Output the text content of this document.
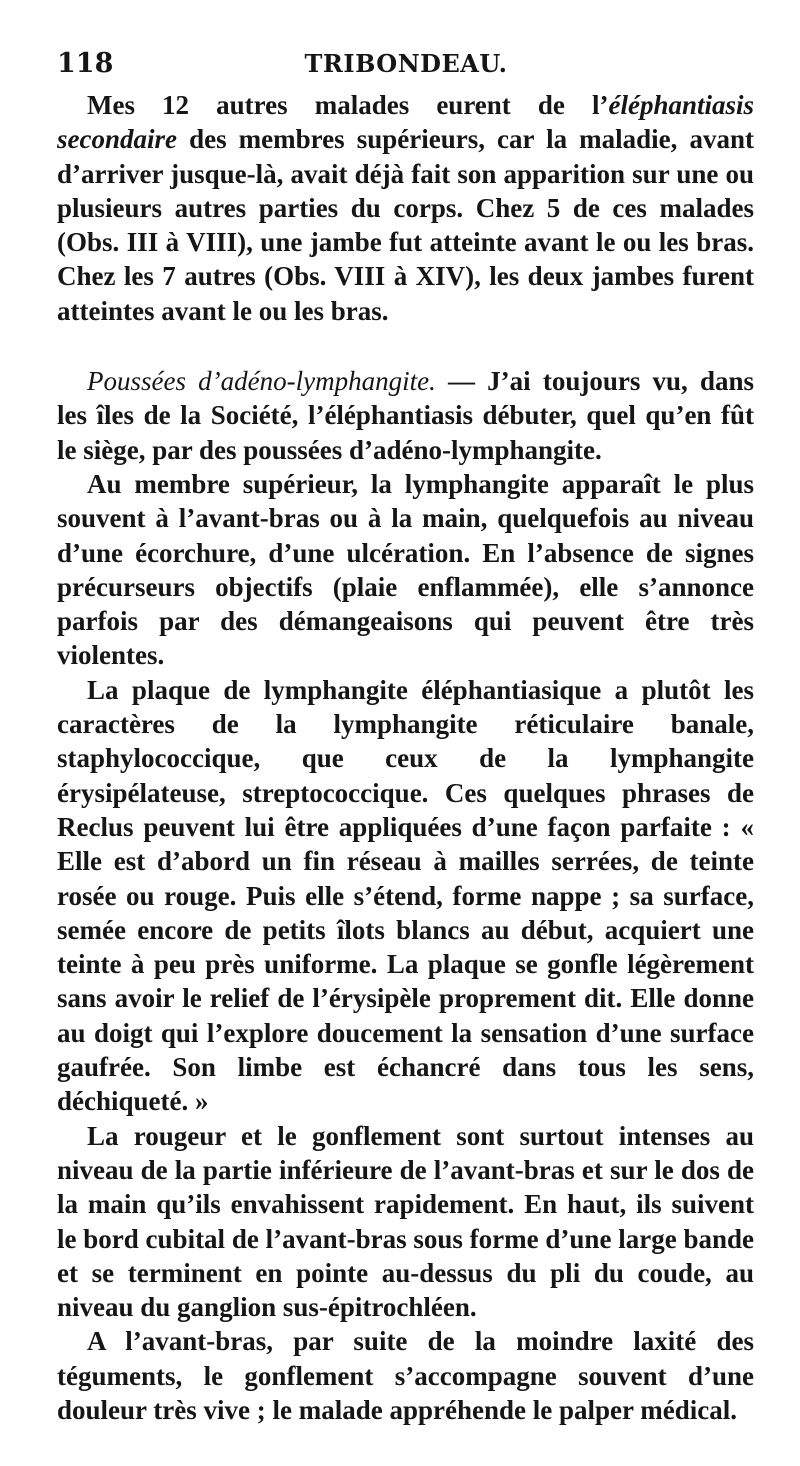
118	TRIBONDEAU.

Mes 12 autres malades eurent de l’éléphantiasis secondaire des membres supérieurs, car la maladie, avant d’arriver jusque-là, avait déjà fait son apparition sur une ou plusieurs autres parties du corps. Chez 5 de ces malades (Obs. III à VIII), une jambe fut atteinte avant le ou les bras. Chez les 7 autres (Obs. VIII à XIV), les deux jambes furent atteintes avant le ou les bras.

Poussées d’adéno-lymphangite. — J’ai toujours vu, dans les îles de la Société, l’éléphantiasis débuter, quel qu’en fût le siège, par des poussées d’adéno-lymphangite.

Au membre supérieur, la lymphangite apparaît le plus souvent à l’avant-bras ou à la main, quelquefois au niveau d’une écorchure, d’une ulcération. En l’absence de signes précurseurs objectifs (plaie enflammée), elle s’annonce parfois par des démangeaisons qui peuvent être très violentes.

La plaque de lymphangite éléphantiasique a plutôt les caractères de la lymphangite réticulaire banale, staphylococcique, que ceux de la lymphangite érysipélateuse, streptococcique. Ces quelques phrases de Reclus peuvent lui être appliquées d’une façon parfaite : « Elle est d’abord un fin réseau à mailles serrées, de teinte rosée ou rouge. Puis elle s’étend, forme nappe ; sa surface, semée encore de petits îlots blancs au début, acquiert une teinte à peu près uniforme. La plaque se gonfle légèrement sans avoir le relief de l’érysipèle proprement dit. Elle donne au doigt qui l’explore doucement la sensation d’une surface gaufrée. Son limbe est échancré dans tous les sens, déchiqueté. »

La rougeur et le gonflement sont surtout intenses au niveau de la partie inférieure de l’avant-bras et sur le dos de la main qu’ils envahissent rapidement. En haut, ils suivent le bord cubital de l’avant-bras sous forme d’une large bande et se terminent en pointe au-dessus du pli du coude, au niveau du ganglion sus-épitrochléen.

A l’avant-bras, par suite de la moindre laxité des téguments, le gonflement s’accompagne souvent d’une douleur très vive ; le malade appréhende le palper médical.
